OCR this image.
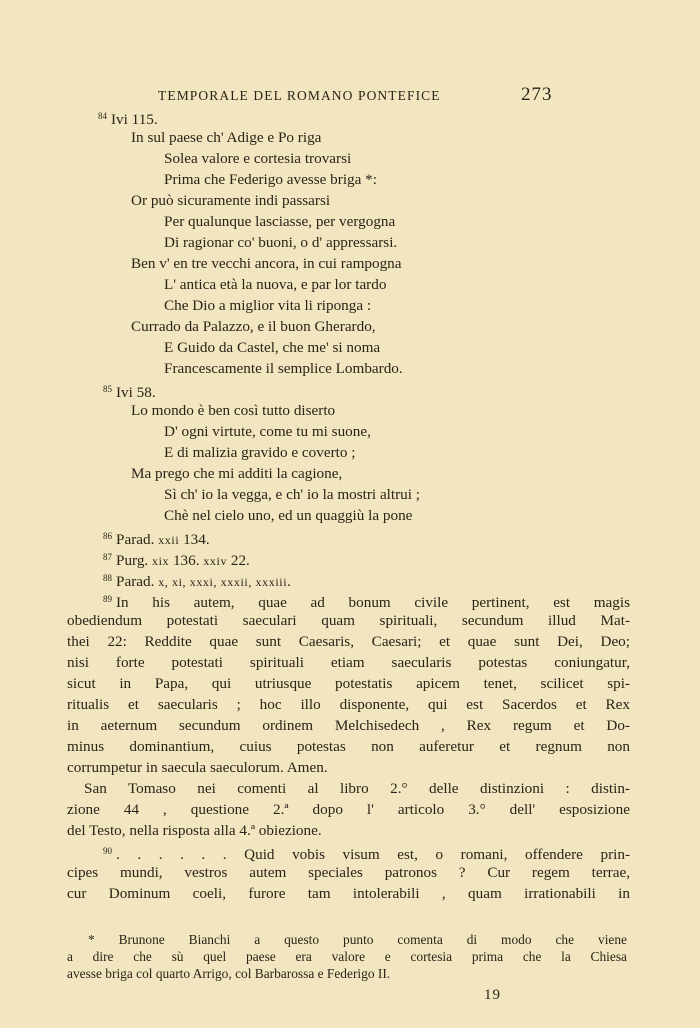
TEMPORALE DEL ROMANO PONTEFICE	273
$^{84}$ Ivi 115.
In sul paese ch' Adige e Po riga
Solea valore e cortesia trovarsi
Prima che Federigo avesse briga *:
Or può sicuramente indi passarsi
Per qualunque lasciasse, per vergogna
Di ragionar co' buoni, o d' appressarsi.
Ben v' en tre vecchi ancora, in cui rampogna
L' antica età la nuova, e par lor tardo
Che Dio a miglior vita li riponga :
Currado da Palazzo, e il buon Gherardo,
E Guido da Castel, che me' si noma
Francescamente il semplice Lombardo.
$^{85}$ Ivi 58.
Lo mondo è ben così tutto diserto
D' ogni virtute, come tu mi suone,
E di malizia gravido e coverto ;
Ma prego che mi additi la cagione,
Sì ch' io la vegga, e ch' io la mostri altrui ;
Chè nel cielo uno, ed un quaggiù la pone
$^{86}$ Parad. xxii 134.
$^{87}$ Purg. xix 136. xxiv 22.
$^{88}$ Parad. x, xi, xxxi, xxxii, xxxiii.
$^{89}$ In his autem, quae ad bonum civile pertinent, est magis
obediendum potestati saeculari quam spirituali, secundum illud Mat-
thei 22: Reddite quae sunt Caesaris, Caesari; et quae sunt Dei, Deo;
nisi forte potestati spirituali etiam saecularis potestas coniungatur,
sicut in Papa, qui utriusque potestatis apicem tenet, scilicet spi-
ritualis et saecularis ; hoc illo disponente, qui est Sacerdos et Rex
in aeternum secundum ordinem Melchisedech , Rex regum et Do-
minus dominantium, cuius potestas non auferetur et regnum non
corrumpetur in saecula saeculorum. Amen.
San Tomaso nei comenti al libro 2.° delle distinzioni : distin-
zione 44 , questione 2.ª dopo l' articolo 3.° dell' esposizione
del Testo, nella risposta alla 4.ª obiezione.
$^{90}$ . . . . . . Quid vobis visum est, o romani, offendere prin-
cipes mundi, vestros autem speciales patronos ? Cur regem terrae,
cur Dominum coeli, furore tam intolerabili , quam irrationabili in
* Brunone Bianchi a questo punto comenta di modo che viene
a dire che sù quel paese era valore e cortesia prima che la Chiesa
avesse briga col quarto Arrigo, col Barbarossa e Federigo II.
19
